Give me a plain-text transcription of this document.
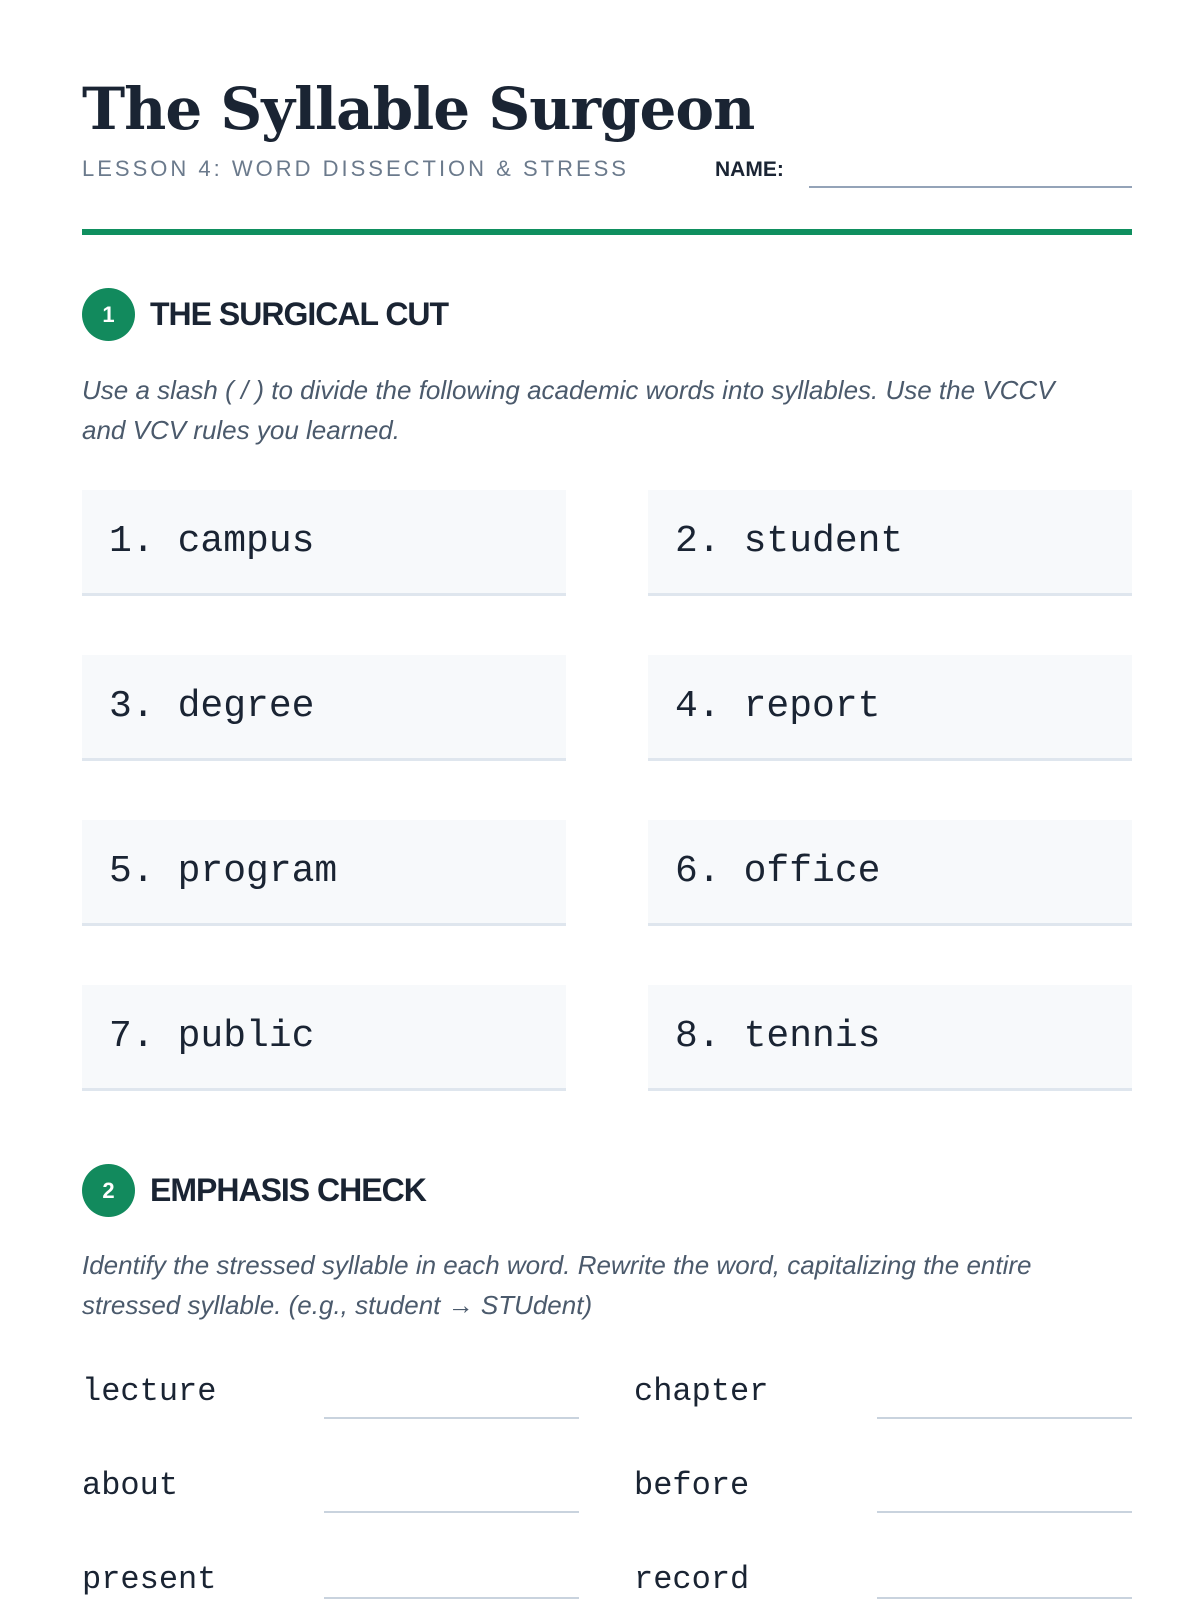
The Syllable Surgeon
LESSON 4: WORD DISSECTION & STRESS	NAME:
1	THE SURGICAL CUT

Use a slash ( / ) to divide the following academic words into syllables. Use the VCCV and VCV rules you learned.

1. campus	2. student
3. degree	4. report
5. program	6. office
7. public	8. tennis
2	EMPHASIS CHECK

Identify the stressed syllable in each word. Rewrite the word, capitalizing the entire stressed syllable. (e.g., student → STUdent)

lecture	chapter
about	before
present	record
